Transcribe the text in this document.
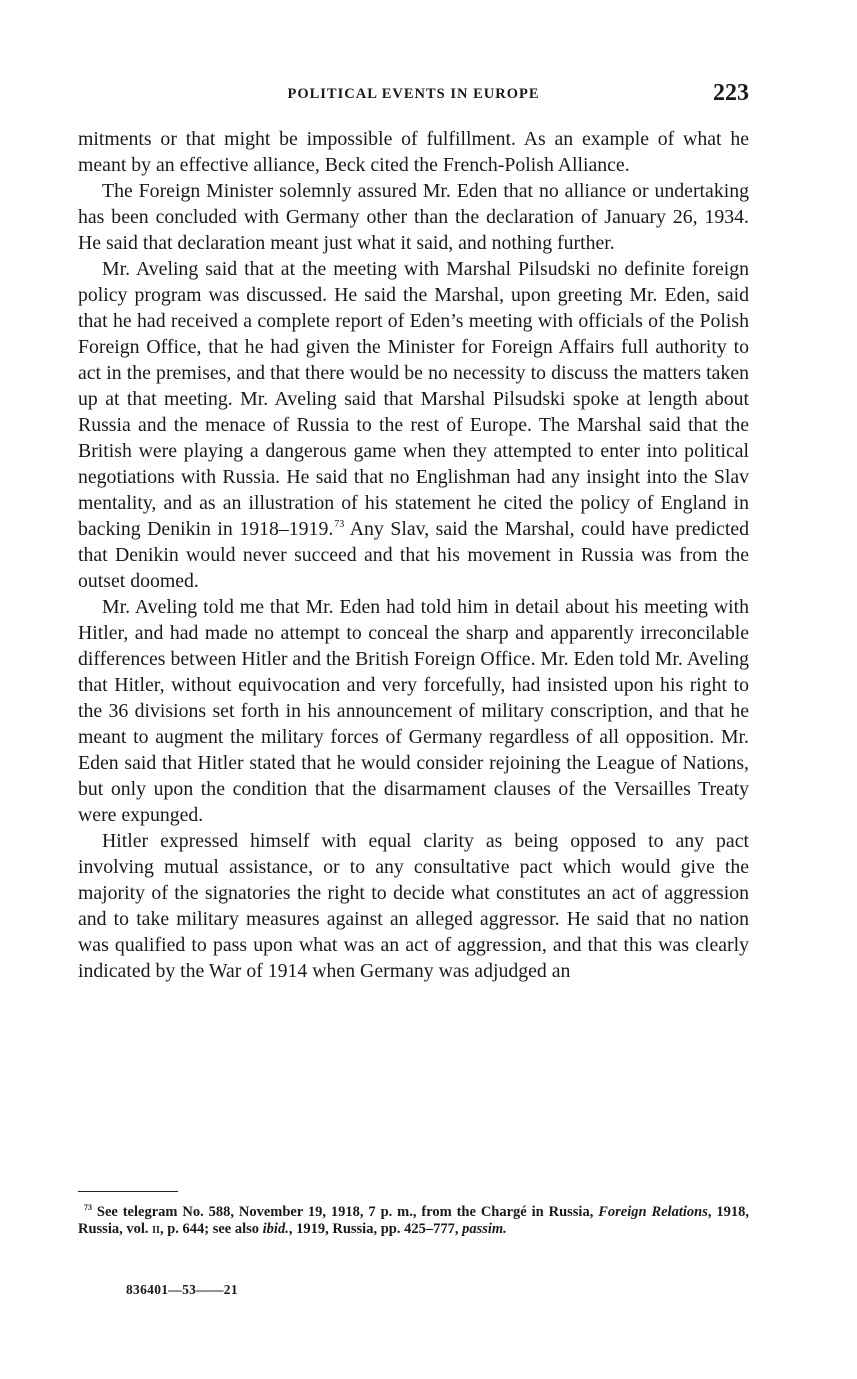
POLITICAL EVENTS IN EUROPE	223

mitments or that might be impossible of fulfillment. As an example of what he meant by an effective alliance, Beck cited the French-Polish Alliance.

The Foreign Minister solemnly assured Mr. Eden that no alliance or undertaking has been concluded with Germany other than the declaration of January 26, 1934. He said that declaration meant just what it said, and nothing further.

Mr. Aveling said that at the meeting with Marshal Pilsudski no definite foreign policy program was discussed. He said the Marshal, upon greeting Mr. Eden, said that he had received a complete report of Eden’s meeting with officials of the Polish Foreign Office, that he had given the Minister for Foreign Affairs full authority to act in the premises, and that there would be no necessity to discuss the matters taken up at that meeting. Mr. Aveling said that Marshal Pilsudski spoke at length about Russia and the menace of Russia to the rest of Europe. The Marshal said that the British were playing a dangerous game when they attempted to enter into political negotiations with Russia. He said that no Englishman had any insight into the Slav mentality, and as an illustration of his statement he cited the policy of England in backing Denikin in 1918–1919.73 Any Slav, said the Marshal, could have predicted that Denikin would never succeed and that his movement in Russia was from the outset doomed.

Mr. Aveling told me that Mr. Eden had told him in detail about his meeting with Hitler, and had made no attempt to conceal the sharp and apparently irreconcilable differences between Hitler and the British Foreign Office. Mr. Eden told Mr. Aveling that Hitler, without equivocation and very forcefully, had insisted upon his right to the 36 divisions set forth in his announcement of military conscription, and that he meant to augment the military forces of Germany regardless of all opposition. Mr. Eden said that Hitler stated that he would consider rejoining the League of Nations, but only upon the condition that the disarmament clauses of the Versailles Treaty were expunged.

Hitler expressed himself with equal clarity as being opposed to any pact involving mutual assistance, or to any consultative pact which would give the majority of the signatories the right to decide what constitutes an act of aggression and to take military measures against an alleged aggressor. He said that no nation was qualified to pass upon what was an act of aggression, and that this was clearly indicated by the War of 1914 when Germany was adjudged an

$^{73}$ See telegram No. 588, November 19, 1918, 7 p. m., from the Chargé in Russia, Foreign Relations, 1918, Russia, vol. ii, p. 644; see also ibid., 1919, Russia, pp. 425–777, passim.

836401—53——21
